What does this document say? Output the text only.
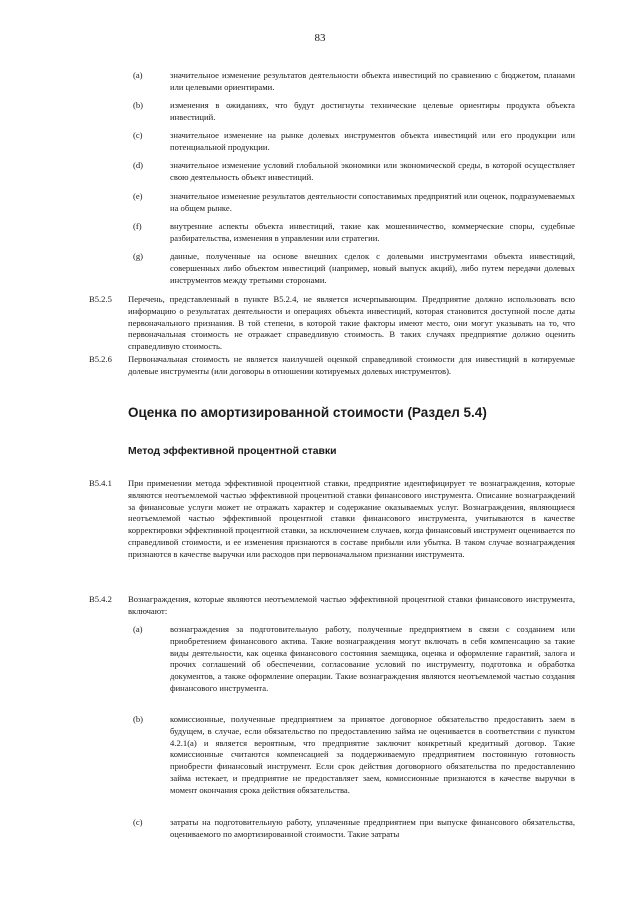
83
(a)	значительное изменение результатов деятельности объекта инвестиций по сравнению с бюджетом, планами или целевыми ориентирами.
(b)	изменения в ожиданиях, что будут достигнуты технические целевые ориентиры продукта объекта инвестиций.
(c)	значительное изменение на рынке долевых инструментов объекта инвестиций или его продукции или потенциальной продукции.
(d)	значительное изменение условий глобальной экономики или экономической среды, в которой осуществляет свою деятельность объект инвестиций.
(e)	значительное изменение результатов деятельности сопоставимых предприятий или оценок, подразумеваемых на общем рынке.
(f)	внутренние аспекты объекта инвестиций, такие как мошенничество, коммерческие споры, судебные разбирательства, изменения в управлении или стратегии.
(g)	данные, полученные на основе внешних сделок с долевыми инструментами объекта инвестиций, совершенных либо объектом инвестиций (например, новый выпуск акций), либо путем передачи долевых инструментов между третьими сторонами.
B5.2.5 Перечень, представленный в пункте B5.2.4, не является исчерпывающим. Предприятие должно использовать всю информацию о результатах деятельности и операциях объекта инвестиций, которая становится доступной после даты первоначального признания. В той степени, в которой такие факторы имеют место, они могут указывать на то, что первоначальная стоимость не отражает справедливую стоимость. В таких случаях предприятие должно оценить справедливую стоимость.
B5.2.6 Первоначальная стоимость не является наилучшей оценкой справедливой стоимости для инвестиций в котируемые долевые инструменты (или договоры в отношении котируемых долевых инструментов).
Оценка по амортизированной стоимости (Раздел 5.4)
Метод эффективной процентной ставки
B5.4.1 При применении метода эффективной процентной ставки, предприятие идентифицирует те вознаграждения, которые являются неотъемлемой частью эффективной процентной ставки финансового инструмента. Описание вознаграждений за финансовые услуги может не отражать характер и содержание оказываемых услуг. Вознаграждения, являющиеся неотъемлемой частью эффективной процентной ставки финансового инструмента, учитываются в качестве корректировки эффективной процентной ставки, за исключением случаев, когда финансовый инструмент оценивается по справедливой стоимости, и ее изменения признаются в составе прибыли или убытка. В таком случае вознаграждения признаются в качестве выручки или расходов при первоначальном признании инструмента.
B5.4.2 Вознаграждения, которые являются неотъемлемой частью эффективной процентной ставки финансового инструмента, включают:
(a)	вознаграждения за подготовительную работу, полученные предприятием в связи с созданием или приобретением финансового актива. Такие вознаграждения могут включать в себя компенсацию за такие виды деятельности, как оценка финансового состояния заемщика, оценка и оформление гарантий, залога и прочих соглашений об обеспечении, согласование условий по инструменту, подготовка и обработка документов, а также оформление операции. Такие вознаграждения являются неотъемлемой частью создания финансового инструмента.
(b)	комиссионные, полученные предприятием за принятое договорное обязательство предоставить заем в будущем, в случае, если обязательство по предоставлению займа не оценивается в соответствии с пунктом 4.2.1(a) и является вероятным, что предприятие заключит конкретный кредитный договор. Такие комиссионные считаются компенсацией за поддерживаемую предприятием постоянную готовность приобрести финансовый инструмент. Если срок действия договорного обязательства по предоставлению займа истекает, и предприятие не предоставляет заем, комиссионные признаются в качестве выручки в момент окончания срока действия обязательства.
(c)	затраты на подготовительную работу, уплаченные предприятием при выпуске финансового обязательства, оцениваемого по амортизированной стоимости. Такие затраты
